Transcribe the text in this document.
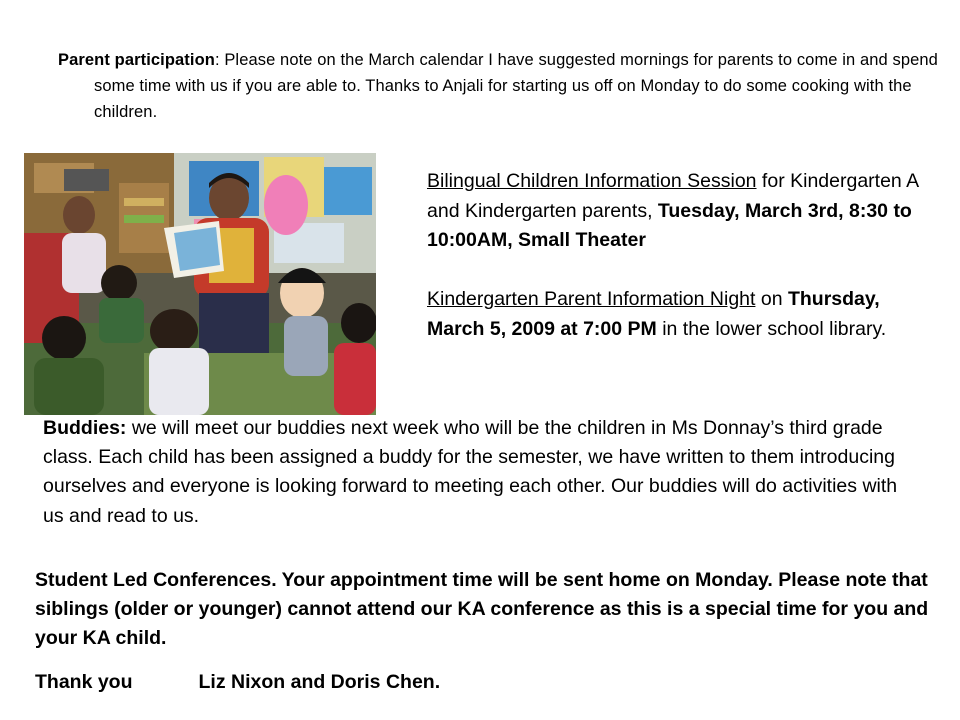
Parent participation: Please note on the March calendar I have suggested mornings for parents to come in and spend some time with us if you are able to. Thanks to Anjali for starting us off on Monday to do some cooking with the children.

Bilingual Children Information Session for Kindergarten A and Kindergarten parents, Tuesday, March 3rd, 8:30 to 10:00AM, Small Theater

Kindergarten Parent Information Night on Thursday, March 5, 2009 at 7:00 PM in the lower school library.

Buddies: we will meet our buddies next week who will be the children in Ms Donnay’s third grade class. Each child has been assigned a buddy for the semester, we have written to them introducing ourselves and everyone is looking forward to meeting each other. Our buddies will do activities with us and read to us.

Student Led Conferences. Your appointment time will be sent home on Monday. Please note that siblings (older or younger) cannot attend our KA conference as this is a special time for you and your KA child.

Thank you	Liz Nixon and Doris Chen.
